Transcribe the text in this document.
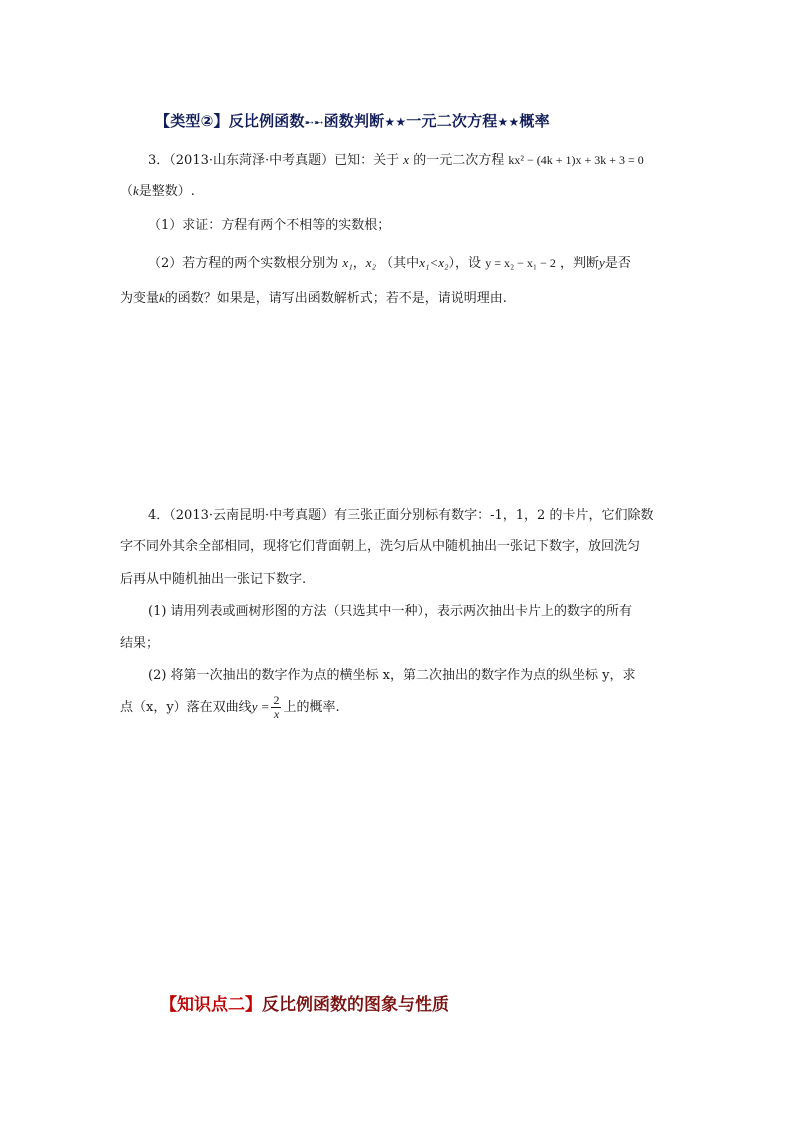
【类型②】反比例函数➸➸函数判断★★一元二次方程★★概率
3．（2013·山东菏泽·中考真题）已知：关于 x 的一元二次方程 kx² − (4k + 1)x + 3k + 3 = 0
（k是整数）.
（1）求证：方程有两个不相等的实数根；
（2）若方程的两个实数根分别为 x₁，x₂ （其中x₁<x₂），设 y = x₂ − x₁ − 2 ，判断y是否
为变量k的函数？如果是，请写出函数解析式；若不是，请说明理由.
4．（2013·云南昆明·中考真题）有三张正面分别标有数字：-1，1，2 的卡片，它们除数
字不同外其余全部相同，现将它们背面朝上，洗匀后从中随机抽出一张记下数字，放回洗匀
后再从中随机抽出一张记下数字.
(1) 请用列表或画树形图的方法（只选其中一种），表示两次抽出卡片上的数字的所有
结果；
(2) 将第一次抽出的数字作为点的横坐标 x，第二次抽出的数字作为点的纵坐标 y，求
点（x，y）落在双曲线$y = \frac{2}{x}$ 上的概率.
【知识点二】反比例函数的图象与性质
